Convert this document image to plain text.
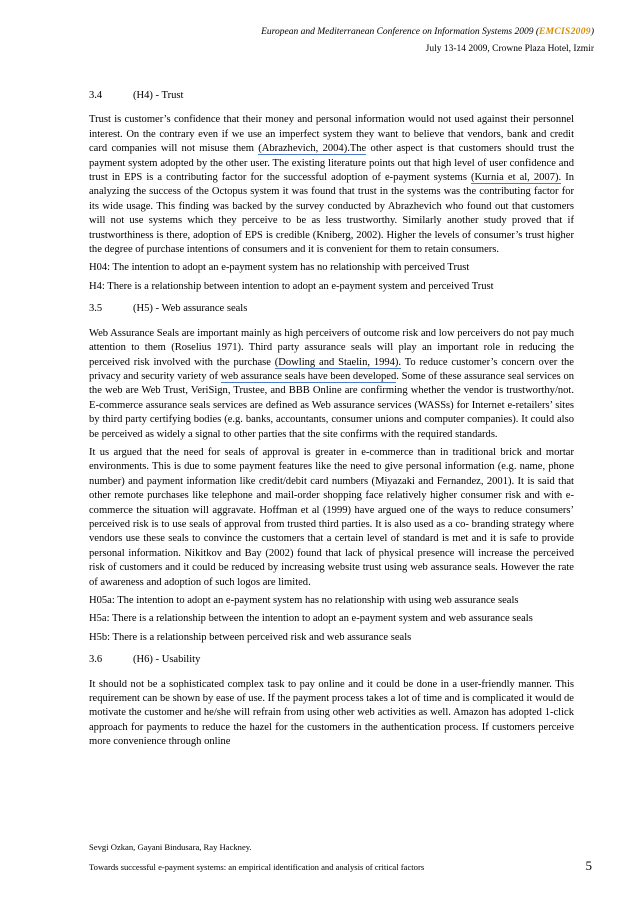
European and Mediterranean Conference on Information Systems 2009 (EMCIS2009)
July 13-14 2009, Crowne Plaza Hotel, Izmir
3.4	(H4) - Trust

Trust is customer’s confidence that their money and personal information would not used against their personnel interest. On the contrary even if we use an imperfect system they want to believe that vendors, bank and credit card companies will not misuse them (Abrazhevich, 2004).The other aspect is that customers should trust the payment system adopted by the other user. The existing literature points out that high level of user confidence and trust in EPS is a contributing factor for the successful adoption of e-payment systems (Kurnia et al, 2007). In analyzing the success of the Octopus system it was found that trust in the systems was the contributing factor for its wide usage. This finding was backed by the survey conducted by Abrazhevich who found out that customers will not use systems which they perceive to be as less trustworthy. Similarly another study proved that if trustworthiness is there, adoption of EPS is credible (Kniberg, 2002). Higher the levels of consumer’s trust higher the degree of purchase intentions of consumers and it is convenient for them to retain consumers.

H04: The intention to adopt an e-payment system has no relationship with perceived Trust

H4: There is a relationship between intention to adopt an e-payment system and perceived Trust

3.5	(H5) - Web assurance seals

Web Assurance Seals are important mainly as high perceivers of outcome risk and low perceivers do not pay much attention to them (Roselius 1971). Third party assurance seals will play an important role in reducing the perceived risk involved with the purchase (Dowling and Staelin, 1994). To reduce customer’s concern over the privacy and security variety of web assurance seals have been developed. Some of these assurance seal services on the web are Web Trust, VeriSign, Trustee, and BBB Online are confirming whether the vendor is trustworthy/not. E-commerce assurance seals services are defined as Web assurance services (WASSs) for Internet e-retailers’ sites by third party certifying bodies (e.g. banks, accountants, consumer unions and computer companies). It could also be perceived as widely a signal to other parties that the site confirms with the required standards.

It us argued that the need for seals of approval is greater in e-commerce than in traditional brick and mortar environments. This is due to some payment features like the need to give personal information (e.g. name, phone number) and payment information like credit/debit card numbers (Miyazaki and Fernandez, 2001). It is said that other remote purchases like telephone and mail-order shopping face relatively higher consumer risk and with e-commerce the situation will aggravate. Hoffman et al (1999) have argued one of the ways to reduce consumers’ perceived risk is to use seals of approval from trusted third parties. It is also used as a co- branding strategy where vendors use these seals to convince the customers that a certain level of standard is met and it is safe to provide personal information. Nikitkov and Bay (2002) found that lack of physical presence will increase the perceived risk of customers and it could be reduced by increasing website trust using web assurance seals. However the rate of awareness and adoption of such logos are limited.

H05a: The intention to adopt an e-payment system has no relationship with using web assurance seals

H5a: There is a relationship between the intention to adopt an e-payment system and web assurance seals

H5b: There is a relationship between perceived risk and web assurance seals

3.6	(H6) - Usability

It should not be a sophisticated complex task to pay online and it could be done in a user-friendly manner. This requirement can be shown by ease of use. If the payment process takes a lot of time and is complicated it would de motivate the customer and he/she will refrain from using other web activities as well. Amazon has adopted 1-click approach for payments to reduce the hazel for the customers in the authentication process. If customers perceive more convenience through online

Sevgi Ozkan, Gayani Bindusara, Ray Hackney.
Towards successful e-payment systems: an empirical identification and analysis of critical factors	5
